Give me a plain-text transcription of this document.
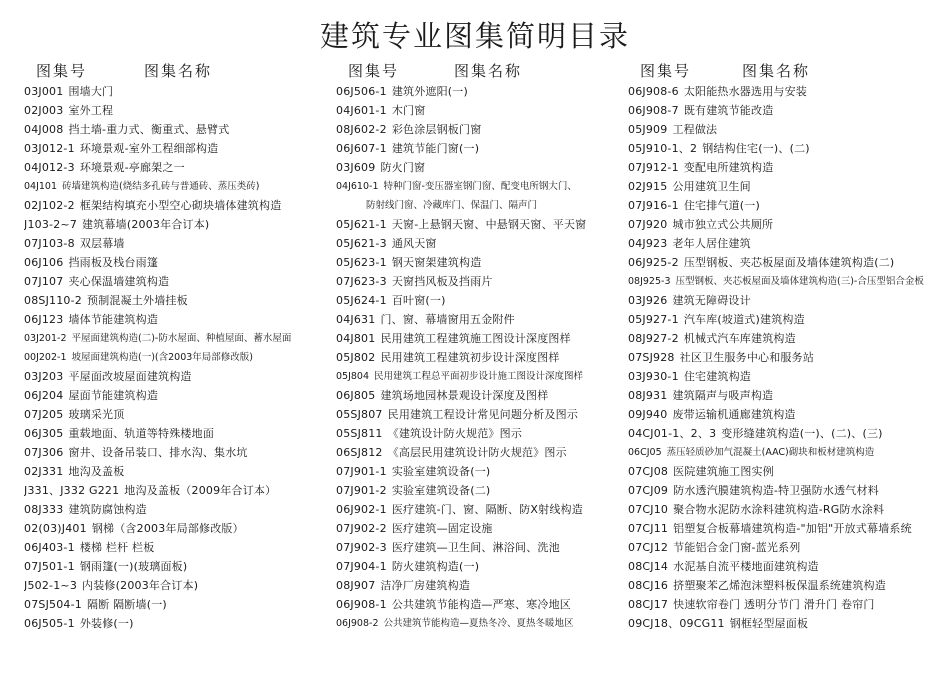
建筑专业图集简明目录
图集号	图集名称
03J001 围墙大门
02J003 室外工程
04J008 挡土墙-重力式、衡重式、悬臂式
03J012-1 环境景观-室外工程细部构造
04J012-3 环境景观-亭廊架之一
04J101 砖墙建筑构造(烧结多孔砖与普通砖、蒸压类砖)
02J102-2 框架结构填充小型空心砌块墙体建筑构造
J103-2~7 建筑幕墙(2003年合订本)
07J103-8 双层幕墙
06J106 挡雨板及栈台雨篷
07J107 夹心保温墙建筑构造
08SJ110-2 预制混凝土外墙挂板
06J123 墙体节能建筑构造
03J201-2 平屋面建筑构造(二)-防水屋面、种植屋面、蓄水屋面
00J202-1 坡屋面建筑构造(一)(含2003年局部修改版)
03J203 平屋面改坡屋面建筑构造
06J204 屋面节能建筑构造
07J205 玻璃采光顶
06J305 重载地面、轨道等特殊楼地面
07J306 窗井、设备吊装口、排水沟、集水坑
02J331 地沟及盖板
J331、J332 G221 地沟及盖板（2009年合订本）
08J333 建筑防腐蚀构造
02(03)J401 钢梯（含2003年局部修改版）
06J403-1 楼梯 栏杆 栏板
07J501-1 钢雨篷(一)(玻璃面板)
J502-1~3 内装修(2003年合订本)
07SJ504-1 隔断 隔断墙(一)
06J505-1 外装修(一)
图集号	图集名称
06J506-1 建筑外遮阳(一)
04J601-1 木门窗
08J602-2 彩色涂层钢板门窗
06J607-1 建筑节能门窗(一)
03J609 防火门窗
04J610-1 特种门窗-变压器室钢门窗、配变电所钢大门、
防射线门窗、冷藏库门、保温门、隔声门
05J621-1 天窗-上悬钢天窗、中悬钢天窗、平天窗
05J621-3 通风天窗
05J623-1 钢天窗架建筑构造
07J623-3 天窗挡风板及挡雨片
05J624-1 百叶窗(一)
04J631 门、窗、幕墙窗用五金附件
04J801 民用建筑工程建筑施工图设计深度图样
05J802 民用建筑工程建筑初步设计深度图样
05J804 民用建筑工程总平面初步设计施工图设计深度图样
06J805 建筑场地园林景观设计深度及图样
05SJ807 民用建筑工程设计常见问题分析及图示
05SJ811 《建筑设计防火规范》图示
06SJ812 《高层民用建筑设计防火规范》图示
07J901-1 实验室建筑设备(一)
07J901-2 实验室建筑设备(二)
06J902-1 医疗建筑-门、窗、隔断、防X射线构造
07J902-2 医疗建筑—固定设施
07J902-3 医疗建筑—卫生间、淋浴间、洗池
07J904-1 防火建筑构造(一)
08J907 洁净厂房建筑构造
06J908-1 公共建筑节能构造—严寒、寒冷地区
06J908-2 公共建筑节能构造—夏热冬冷、夏热冬暖地区
图集号	图集名称
06J908-6 太阳能热水器选用与安装
06J908-7 既有建筑节能改造
05J909 工程做法
05J910-1、2 钢结构住宅(一)、(二)
07J912-1 变配电所建筑构造
02J915 公用建筑卫生间
07J916-1 住宅排气道(一)
07J920 城市独立式公共厕所
04J923 老年人居住建筑
06J925-2 压型钢板、夹芯板屋面及墙体建筑构造(二)
08J925-3 压型钢板、夹芯板屋面及墙体建筑构造(三)-合压型铝合金板
03J926 建筑无障碍设计
05J927-1 汽车库(坡道式)建筑构造
08J927-2 机械式汽车库建筑构造
07SJ928 社区卫生服务中心和服务站
03J930-1 住宅建筑构造
08J931 建筑隔声与吸声构造
09J940 废带运输机通廊建筑构造
04CJ01-1、2、3 变形缝建筑构造(一)、(二)、(三)
06CJ05 蒸压轻质砂加气混凝土(AAC)砌块和板材建筑构造
07CJ08 医院建筑施工图实例
07CJ09 防水透汽膜建筑构造-特卫强防水透气材料
07CJ10 聚合物水泥防水涂料建筑构造-RG防水涂料
07CJ11 铝塑复合板幕墙建筑构造-"加铝"开放式幕墙系统
07CJ12 节能铝合金门窗-蓝光系列
08CJ14 水泥基自流平楼地面建筑构造
08CJ16 挤塑聚苯乙烯泡沫塑料板保温系统建筑构造
08CJ17 快速软帘卷门 透明分节门 滑升门 卷帘门
09CJ18、09CG11 钢框轻型屋面板
